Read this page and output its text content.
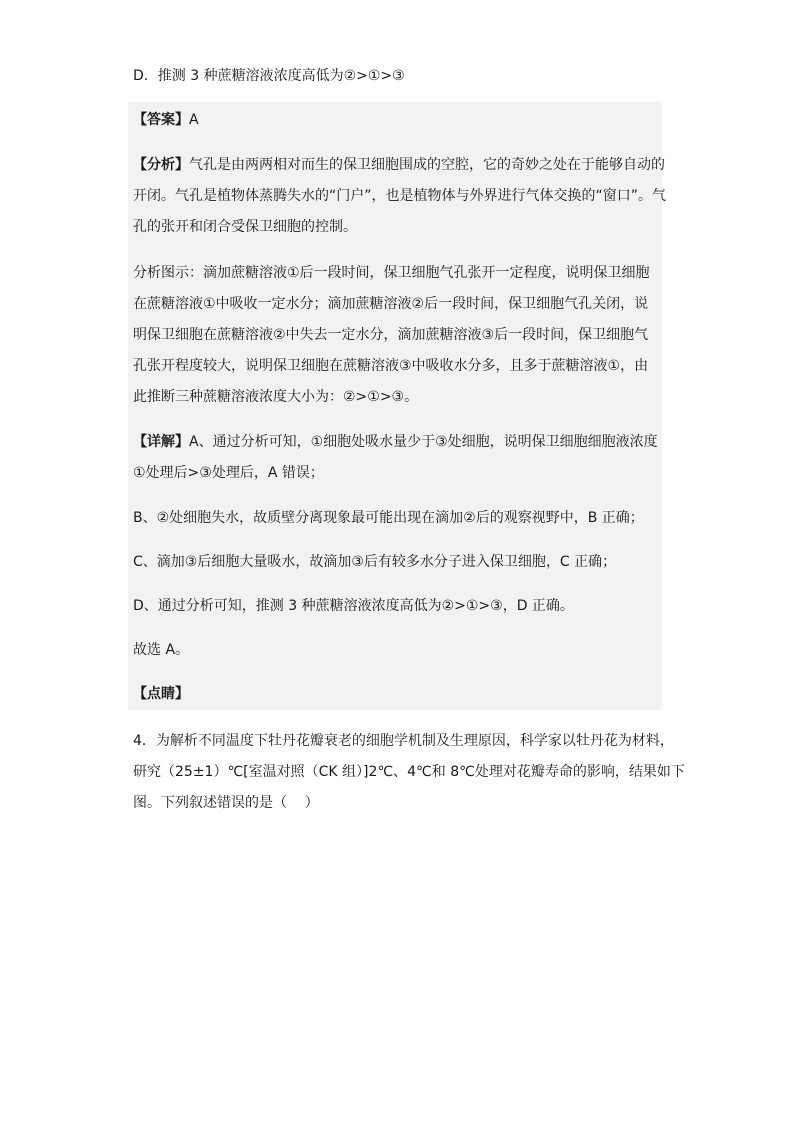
D．推测 3 种蔗糖溶液浓度高低为②>①>③
【答案】A
【分析】气孔是由两两相对而生的保卫细胞围成的空腔，它的奇妙之处在于能够自动的
开闭。气孔是植物体蒸腾失水的“门户”，也是植物体与外界进行气体交换的“窗口”。气
孔的张开和闭合受保卫细胞的控制。
分析图示：滴加蔗糖溶液①后一段时间，保卫细胞气孔张开一定程度，说明保卫细胞
在蔗糖溶液①中吸收一定水分；滴加蔗糖溶液②后一段时间，保卫细胞气孔关闭，说
明保卫细胞在蔗糖溶液②中失去一定水分，滴加蔗糖溶液③后一段时间，保卫细胞气
孔张开程度较大，说明保卫细胞在蔗糖溶液③中吸收水分多，且多于蔗糖溶液①，由
此推断三种蔗糖溶液浓度大小为：②>①>③。
【详解】A、通过分析可知，①细胞处吸水量少于③处细胞，说明保卫细胞细胞液浓度
①处理后>③处理后，A 错误；
B、②处细胞失水，故质壁分离现象最可能出现在滴加②后的观察视野中，B 正确；
C、滴加③后细胞大量吸水，故滴加③后有较多水分子进入保卫细胞，C 正确；
D、通过分析可知，推测 3 种蔗糖溶液浓度高低为②>①>③，D 正确。
故选 A。
【点睛】
4．为解析不同温度下牡丹花瓣衰老的细胞学机制及生理原因，科学家以牡丹花为材料，
研究（25±1）℃[室温对照（CK 组）]2℃、4℃和 8℃处理对花瓣寿命的影响，结果如下
图。下列叙述错误的是（    ）
